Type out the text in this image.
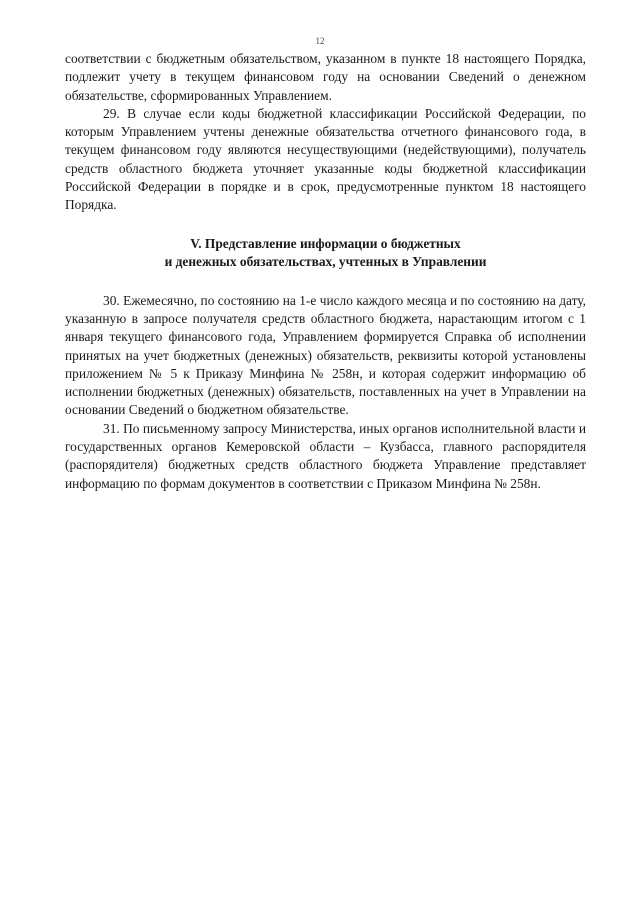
12

соответствии с бюджетным обязательством, указанном в пункте 18 настоящего Порядка, подлежит учету в текущем финансовом году на основании Сведений о денежном обязательстве, сформированных Управлением.

29. В случае если коды бюджетной классификации Российской Федерации, по которым Управлением учтены денежные обязательства отчетного финансового года, в текущем финансовом году являются несуществующими (недействующими), получатель средств областного бюджета уточняет указанные коды бюджетной классификации Российской Федерации в порядке и в срок, предусмотренные пунктом 18 настоящего Порядка.

V. Представление информации о бюджетных
и денежных обязательствах, учтенных в Управлении

30. Ежемесячно, по состоянию на 1-е число каждого месяца и по состоянию на дату, указанную в запросе получателя средств областного бюджета, нарастающим итогом с 1 января текущего финансового года, Управлением формируется Справка об исполнении принятых на учет бюджетных (денежных) обязательств, реквизиты которой установлены приложением № 5 к Приказу Минфина № 258н, и которая содержит информацию об исполнении бюджетных (денежных) обязательств, поставленных на учет в Управлении на основании Сведений о бюджетном обязательстве.

31. По письменному запросу Министерства, иных органов исполнительной власти и государственных органов Кемеровской области – Кузбасса, главного распорядителя (распорядителя) бюджетных средств областного бюджета Управление представляет информацию по формам документов в соответствии с Приказом Минфина № 258н.
